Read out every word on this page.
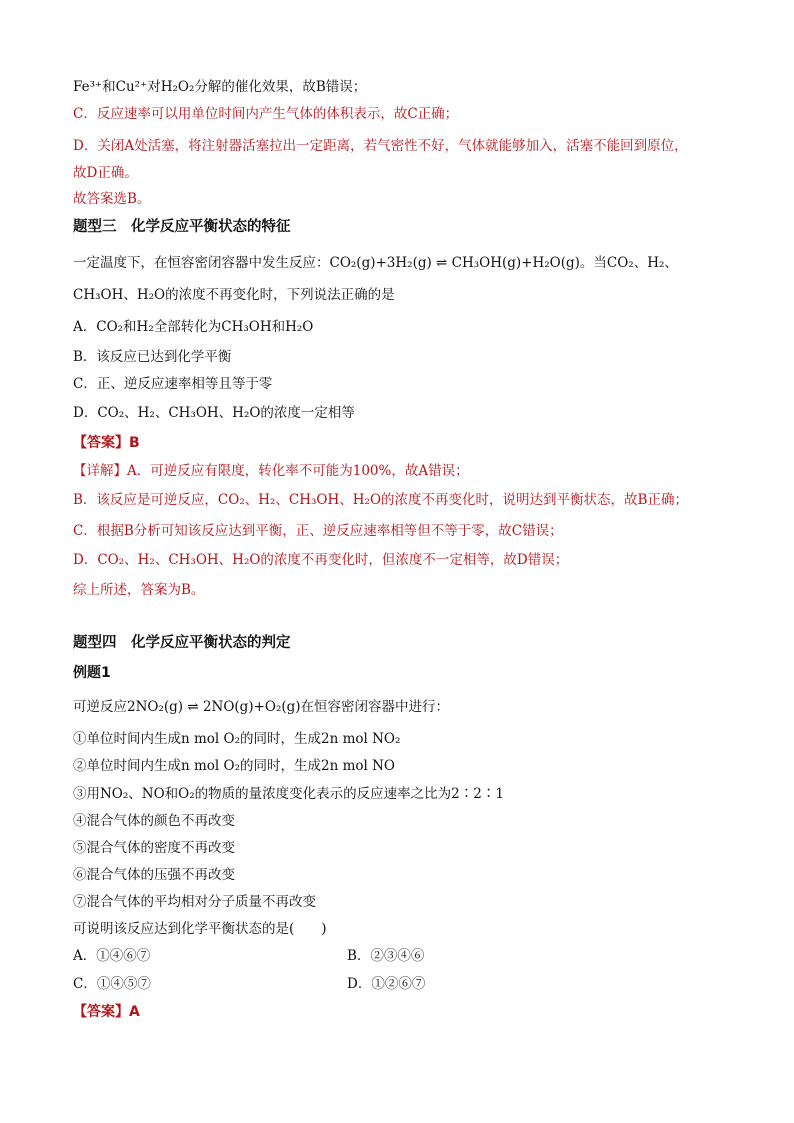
Fe³⁺和Cu²⁺对H₂O₂分解的催化效果，故B错误；
C．反应速率可以用单位时间内产生气体的体积表示，故C正确；
D．关闭A处活塞，将注射器活塞拉出一定距离，若气密性不好，气体就能够加入，活塞不能回到原位，
故D正确。
故答案选B。
题型三　化学反应平衡状态的特征
一定温度下，在恒容密闭容器中发生反应：CO₂(g)+3H₂(g) ⇌ CH₃OH(g)+H₂O(g)。当CO₂、H₂、
CH₃OH、H₂O的浓度不再变化时，下列说法正确的是
A．CO₂和H₂全部转化为CH₃OH和H₂O
B．该反应已达到化学平衡
C．正、逆反应速率相等且等于零
D．CO₂、H₂、CH₃OH、H₂O的浓度一定相等
【答案】B
【详解】A．可逆反应有限度，转化率不可能为100%，故A错误；
B．该反应是可逆反应，CO₂、H₂、CH₃OH、H₂O的浓度不再变化时，说明达到平衡状态，故B正确；
C．根据B分析可知该反应达到平衡，正、逆反应速率相等但不等于零，故C错误；
D．CO₂、H₂、CH₃OH、H₂O的浓度不再变化时，但浓度不一定相等，故D错误；
综上所述，答案为B。
题型四　化学反应平衡状态的判定
例题1
可逆反应2NO₂(g) ⇌ 2NO(g)+O₂(g)在恒容密闭容器中进行：
①单位时间内生成n mol O₂的同时，生成2n mol NO₂
②单位时间内生成n mol O₂的同时，生成2n mol NO
③用NO₂、NO和O₂的物质的量浓度变化表示的反应速率之比为2∶2∶1
④混合气体的颜色不再改变
⑤混合气体的密度不再改变
⑥混合气体的压强不再改变
⑦混合气体的平均相对分子质量不再改变
可说明该反应达到化学平衡状态的是(　　)
A．①④⑥⑦	B．②③④⑥
C．①④⑤⑦	D．①②⑥⑦
【答案】A
